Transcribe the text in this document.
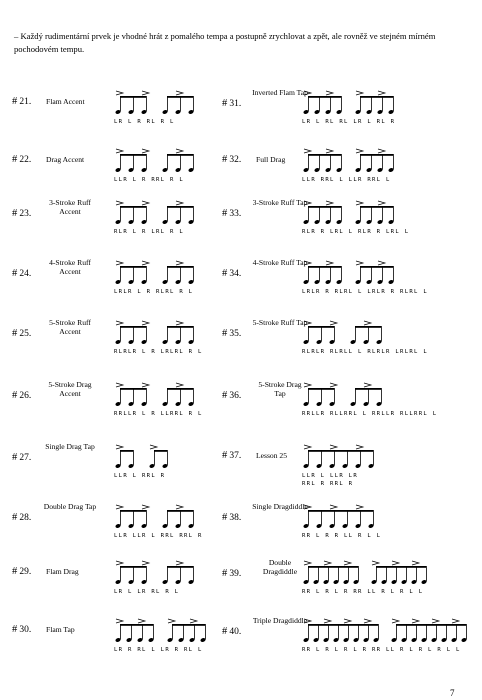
– Každý rudimentární prvek je vhodné hrát z pomalého tempa a postupně zrychlovat a zpět, ale rovněž ve stejném mírném pochodovém tempu.
# 21. Flam Accent
LR L R RL R L
# 22. Drag Accent
LLR L R RRL R L
# 23.
3-Stroke Ruff Accent
RLR L R LRL R L
# 24.
4-Stroke Ruff Accent
LRLR L R RLRL R L
# 25.
5-Stroke Ruff Accent
RLRLR L R LRLRL R L
# 26.
5-Stroke Drag Accent
RRLLR L R LLRRL R L
# 27.
Single Drag Tap
LLR L RRL R
# 28.
Double Drag Tap
LLR LLR L RRL RRL R
# 29. Flam Drag
LR L LR RL R L
# 30. Flam Tap
LR R RL L LR R RL L
# 31.
Inverted Flam Tap
LR L RL RL LR L RL R
# 32. Full Drag
LLR RRL L LLR RRL L
# 33.
3-Stroke Ruff Tap
RLR R LRL L RLR R LRL L
# 34.
4-Stroke Ruff Tap
LRLR R RLRL L LRLR R RLRL L
# 35.
5-Stroke Ruff Tap
RLRLR RLRLL L RLRLR LRLRL L
# 36.
5-Stroke Drag Tap
RRLLR RLLRRL L RRLLR RLLRRL L
# 37. Lesson 25
LLR L LLR LR
RRL R RRL R
# 38.
Single Dragdiddle
RR L R R LL R L L
# 39.
Double Dragdiddle
RR L R L R RR LL R L R L L
# 40.
Triple Dragdiddle
RR L R L R L R RR LL R L R L R L L
7
